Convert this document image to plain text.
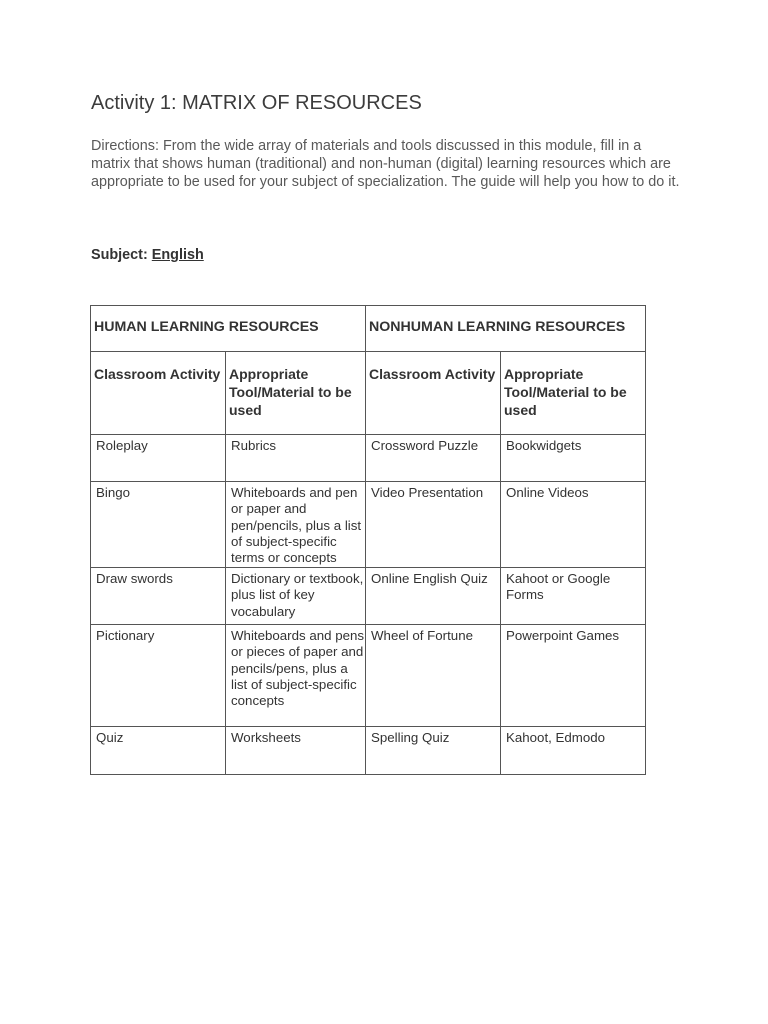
Activity 1: MATRIX OF RESOURCES

Directions: From the wide array of materials and tools discussed in this module, fill in a matrix that shows human (traditional) and non-human (digital) learning resources which are appropriate to be used for your subject of specialization. The guide will help you how to do it.

Subject: English

HUMAN LEARNING RESOURCES		NONHUMAN LEARNING RESOURCES	
Classroom Activity	Appropriate Tool/Material to be used	Classroom Activity	Appropriate Tool/Material to be used

Roleplay	Rubrics	Crossword Puzzle	Bookwidgets

Bingo	Whiteboards and pen or paper and pen/pencils, plus a list of subject-specific terms or concepts	Video Presentation	Online Videos

Draw swords	Dictionary or textbook, plus list of key vocabulary	Online English Quiz	Kahoot or Google Forms

Pictionary	Whiteboards and pens or pieces of paper and pencils/pens, plus a list of subject-specific concepts	Wheel of Fortune	Powerpoint Games

Quiz	Worksheets	Spelling Quiz	Kahoot, Edmodo
